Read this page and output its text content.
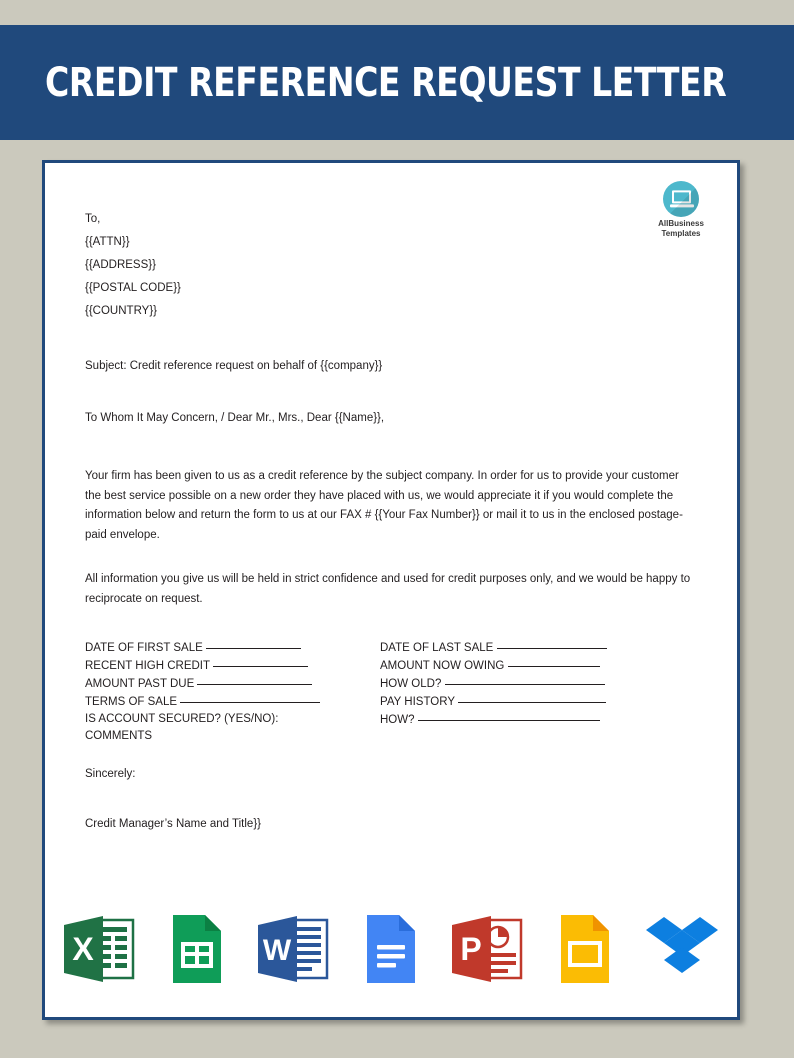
CREDIT REFERENCE REQUEST LETTER
AllBusiness
Templates
To,
{{ATTN}}
{{ADDRESS}}
{{POSTAL CODE}}
{{COUNTRY}}
Subject: Credit reference request on behalf of {{company}}
To Whom It May Concern, / Dear Mr., Mrs., Dear {{Name}},
Your firm has been given to us as a credit reference by the subject company. In order for us to provide your customer the best service possible on a new order they have placed with us, we would appreciate it if you would complete the information below and return the form to us at our FAX # {{Your Fax Number}} or mail it to us in the enclosed postage-paid envelope.
All information you give us will be held in strict confidence and used for credit purposes only, and we would be happy to reciprocate on request.
DATE OF FIRST SALE
RECENT HIGH CREDIT
AMOUNT PAST DUE
TERMS OF SALE
IS ACCOUNT SECURED? (YES/NO):
COMMENTS
DATE OF LAST SALE
AMOUNT NOW OWING
HOW OLD?
PAY HISTORY
HOW?
Sincerely:
Credit Manager’s Name and Title}}
X	W	P
